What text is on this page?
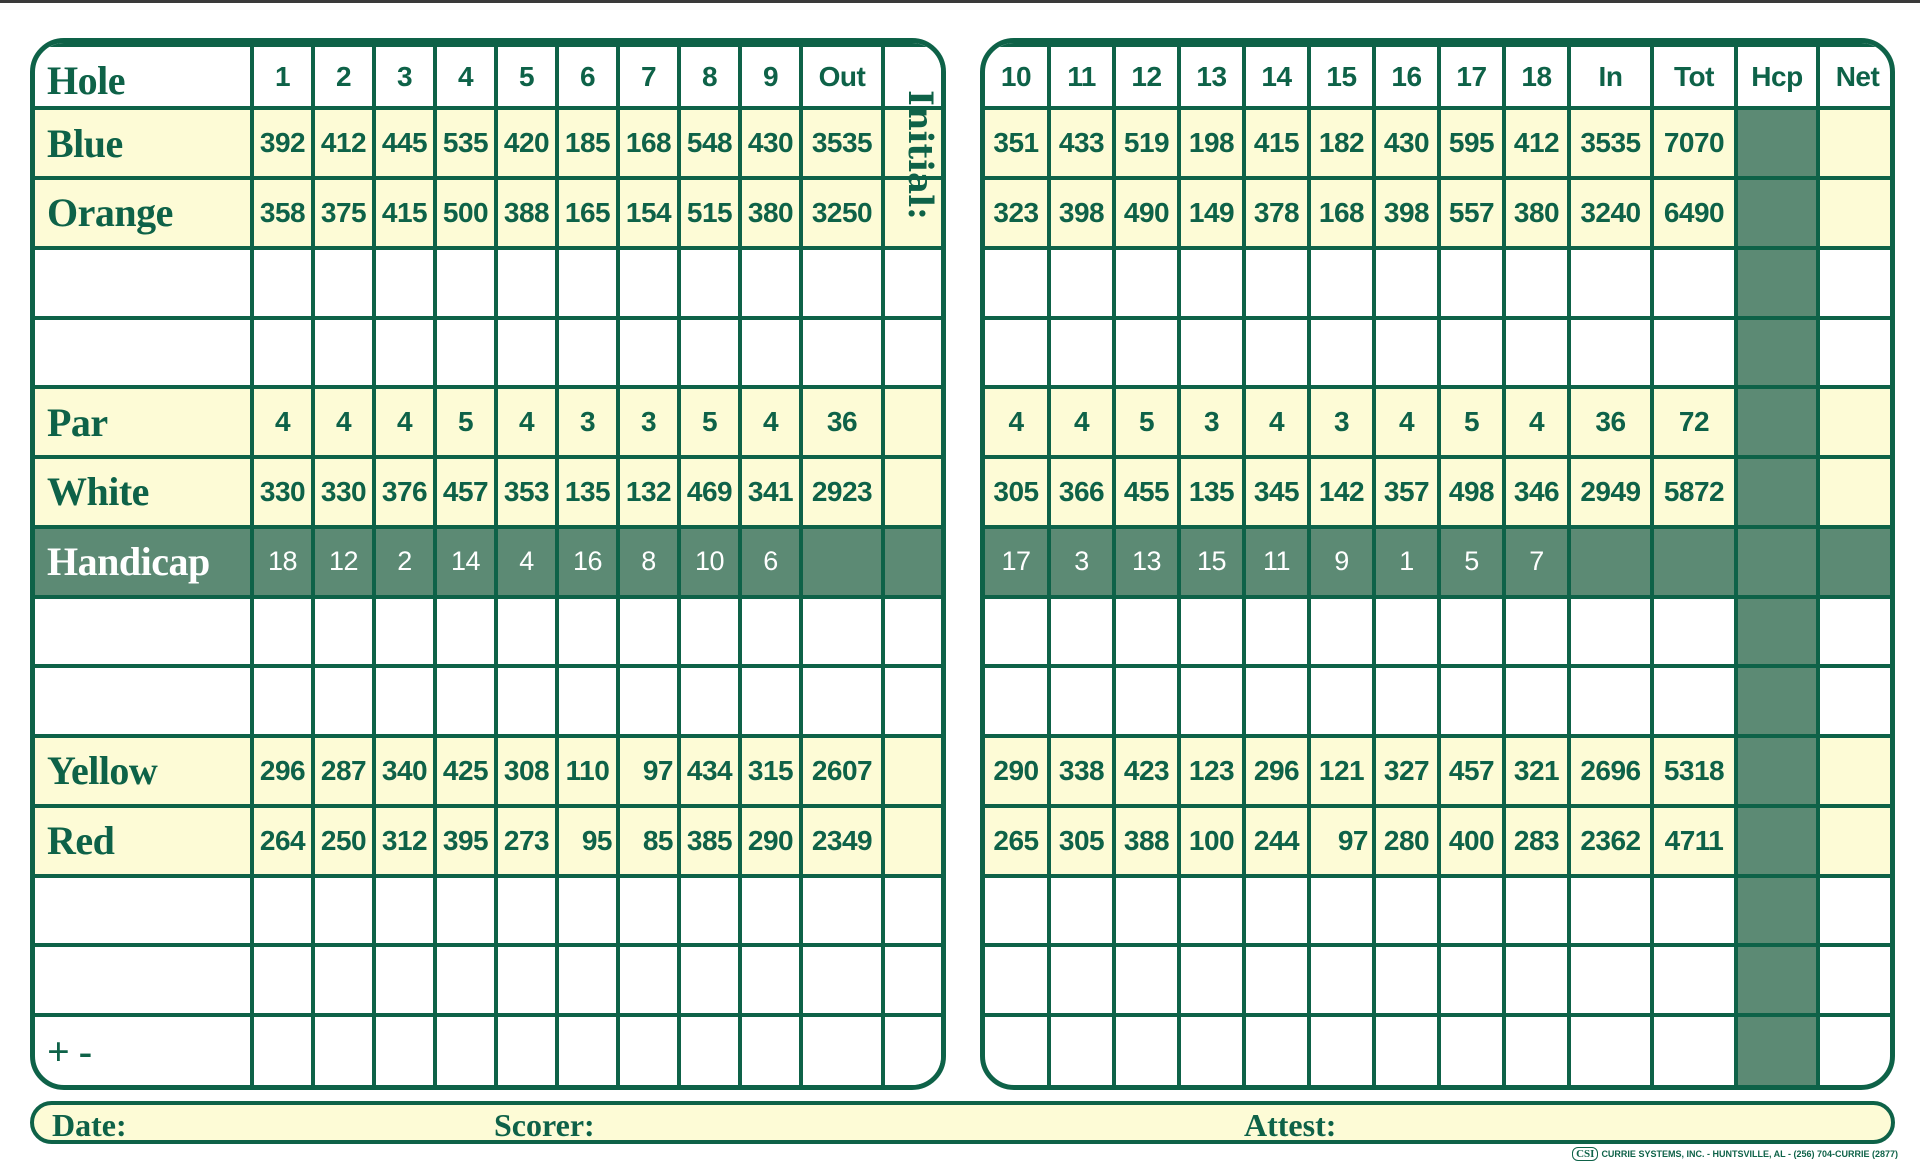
Hole	1	2	3	4	5	6	7	8	9	Out	
Blue	392	412	445	535	420	185	168	548	430	3535	
Orange	358	375	415	500	388	165	154	515	380	3250	

Par	4	4	4	5	4	3	3	5	4	36	
White	330	330	376	457	353	135	132	469	341	2923	
Handicap	18	12	2	14	4	16	8	10	6		

Yellow	296	287	340	425	308	110	97	434	315	2607	
Red	264	250	312	395	273	95	85	385	290	2349	

+ -											
Initial:
10	11	12	13	14	15	16	17	18	In	Tot	Hcp	Net
351	433	519	198	415	182	430	595	412	3535	7070		
323	398	490	149	378	168	398	557	380	3240	6490		

4	4	5	3	4	3	4	5	4	36	72		
305	366	455	135	345	142	357	498	346	2949	5872		
17	3	13	15	11	9	1	5	7				

290	338	423	123	296	121	327	457	321	2696	5318		
265	305	388	100	244	97	280	400	283	2362	4711		

Date:	Scorer:	Attest:
CSI CURRIE SYSTEMS, INC. - HUNTSVILLE, AL - (256) 704-CURRIE (2877)
